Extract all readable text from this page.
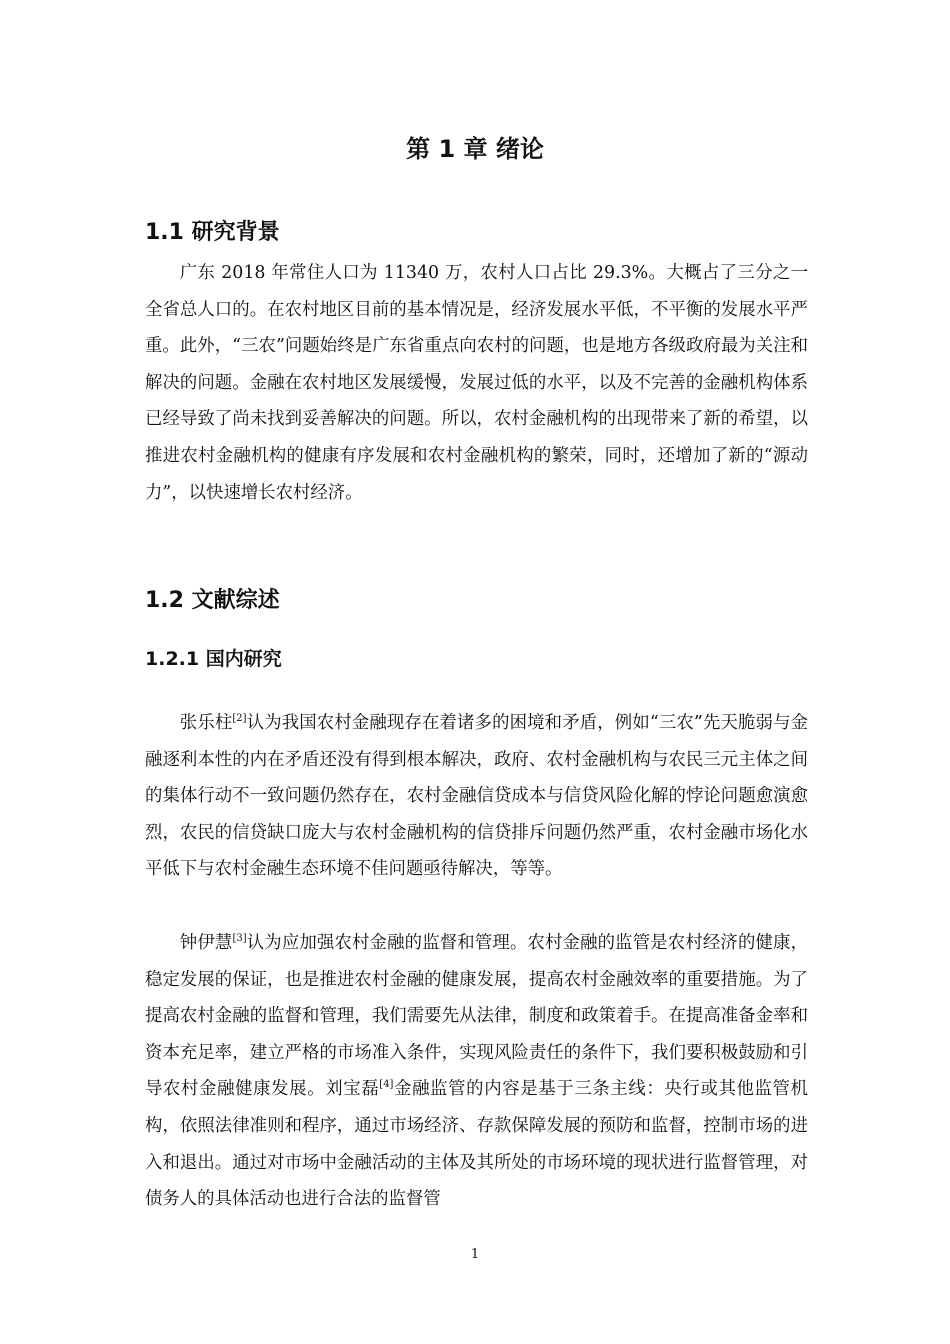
第 1 章 绪论
1.1 研究背景

广东 2018 年常住人口为 11340 万，农村人口占比 29.3%。大概占了三分之一全省总人口的。在农村地区目前的基本情况是，经济发展水平低，不平衡的发展水平严重。此外，“三农”问题始终是广东省重点向农村的问题，也是地方各级政府最为关注和解决的问题。金融在农村地区发展缓慢，发展过低的水平，以及不完善的金融机构体系已经导致了尚未找到妥善解决的问题。所以，农村金融机构的出现带来了新的希望，以推进农村金融机构的健康有序发展和农村金融机构的繁荣，同时，还增加了新的“源动力”，以快速增长农村经济。

1.2 文献综述
1.2.1 国内研究

张乐柱[2]认为我国农村金融现存在着诸多的困境和矛盾，例如“三农”先天脆弱与金融逐利本性的内在矛盾还没有得到根本解决，政府、农村金融机构与农民三元主体之间的集体行动不一致问题仍然存在，农村金融信贷成本与信贷风险化解的悖论问题愈演愈烈，农民的信贷缺口庞大与农村金融机构的信贷排斥问题仍然严重，农村金融市场化水平低下与农村金融生态环境不佳问题亟待解决，等等。

钟伊慧[3]认为应加强农村金融的监督和管理。农村金融的监管是农村经济的健康，稳定发展的保证，也是推进农村金融的健康发展，提高农村金融效率的重要措施。为了提高农村金融的监督和管理，我们需要先从法律，制度和政策着手。在提高准备金率和资本充足率，建立严格的市场准入条件，实现风险责任的条件下，我们要积极鼓励和引导农村金融健康发展。刘宝磊[4]金融监管的内容是基于三条主线：央行或其他监管机构，依照法律准则和程序，通过市场经济、存款保障发展的预防和监督，控制市场的进入和退出。通过对市场中金融活动的主体及其所处的市场环境的现状进行监督管理，对债务人的具体活动也进行合法的监督管

1
